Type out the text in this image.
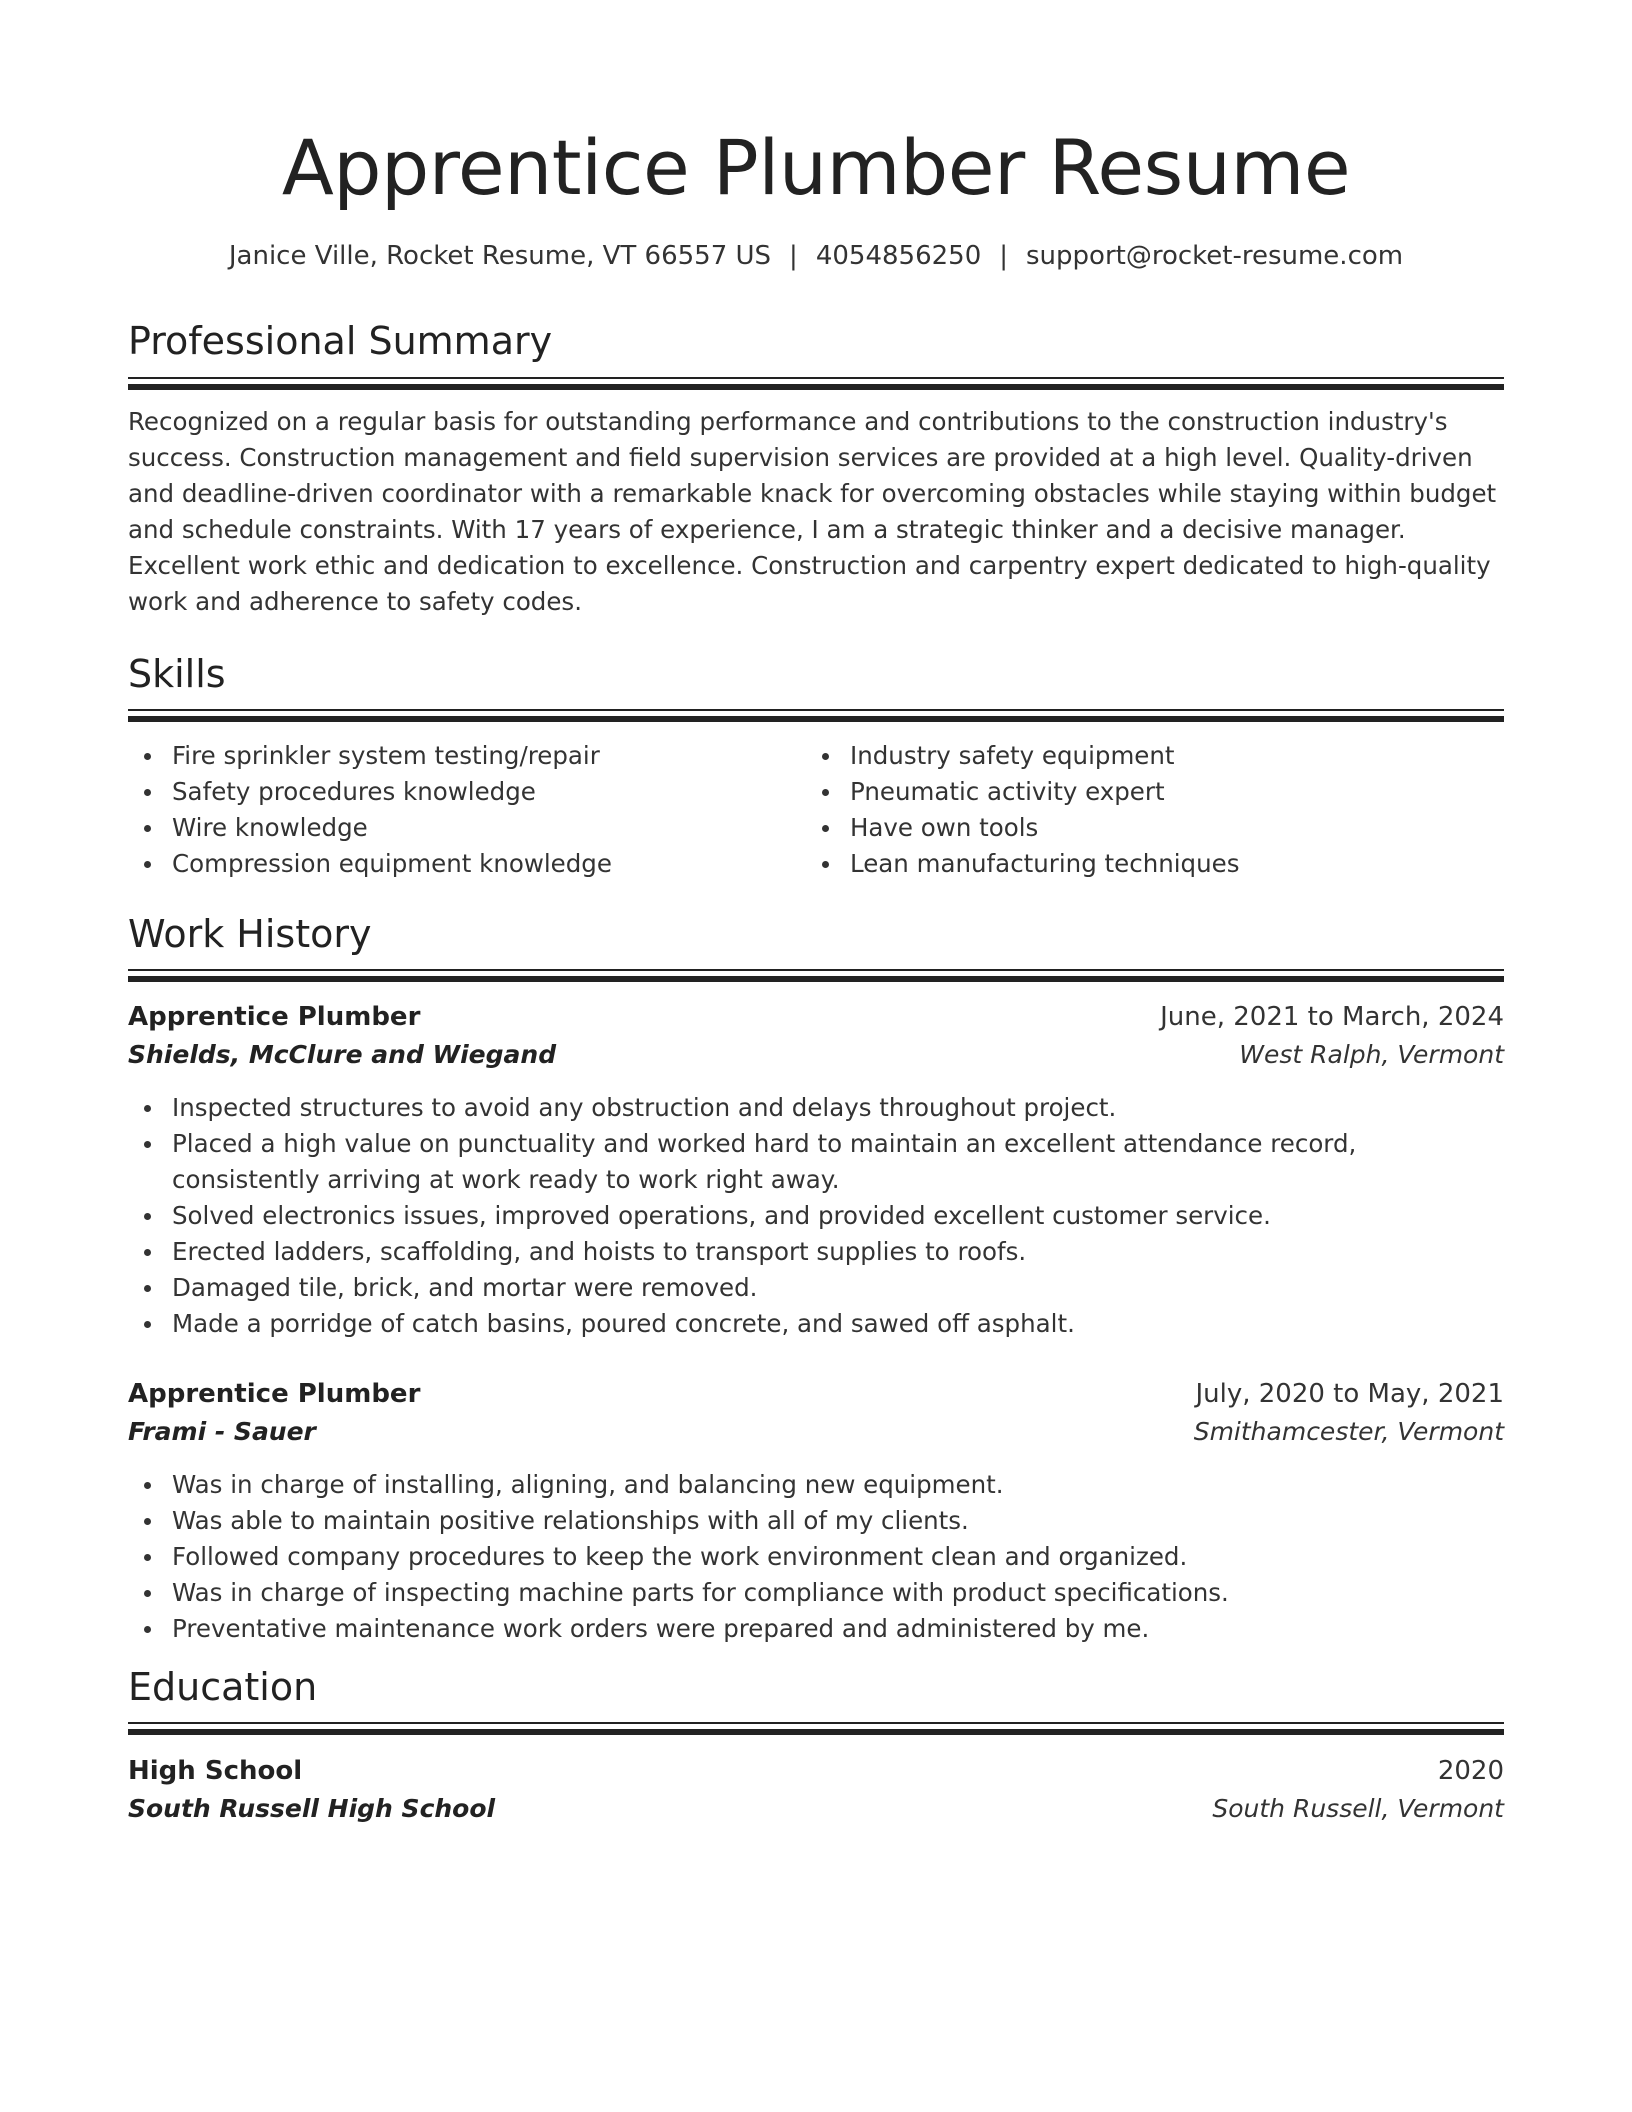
Apprentice Plumber Resume
Janice Ville, Rocket Resume, VT 66557 US | 4054856250 | support@rocket-resume.com
Professional Summary

Recognized on a regular basis for outstanding performance and contributions to the construction industry's success. Construction management and field supervision services are provided at a high level. Quality-driven and deadline-driven coordinator with a remarkable knack for overcoming obstacles while staying within budget and schedule constraints. With 17 years of experience, I am a strategic thinker and a decisive manager. Excellent work ethic and dedication to excellence. Construction and carpentry expert dedicated to high-quality work and adherence to safety codes.

Skills
Fire sprinkler system testing/repair
Safety procedures knowledge
Wire knowledge
Compression equipment knowledge
Industry safety equipment
Pneumatic activity expert
Have own tools
Lean manufacturing techniques
Work History
Apprentice Plumber	June, 2021 to March, 2024
Shields, McClure and Wiegand	West Ralph, Vermont
Inspected structures to avoid any obstruction and delays throughout project.
Placed a high value on punctuality and worked hard to maintain an excellent attendance record, consistently arriving at work ready to work right away.
Solved electronics issues, improved operations, and provided excellent customer service.
Erected ladders, scaffolding, and hoists to transport supplies to roofs.
Damaged tile, brick, and mortar were removed.
Made a porridge of catch basins, poured concrete, and sawed off asphalt.
Apprentice Plumber	July, 2020 to May, 2021
Frami - Sauer	Smithamcester, Vermont
Was in charge of installing, aligning, and balancing new equipment.
Was able to maintain positive relationships with all of my clients.
Followed company procedures to keep the work environment clean and organized.
Was in charge of inspecting machine parts for compliance with product specifications.
Preventative maintenance work orders were prepared and administered by me.
Education
High School	2020
South Russell High School	South Russell, Vermont
